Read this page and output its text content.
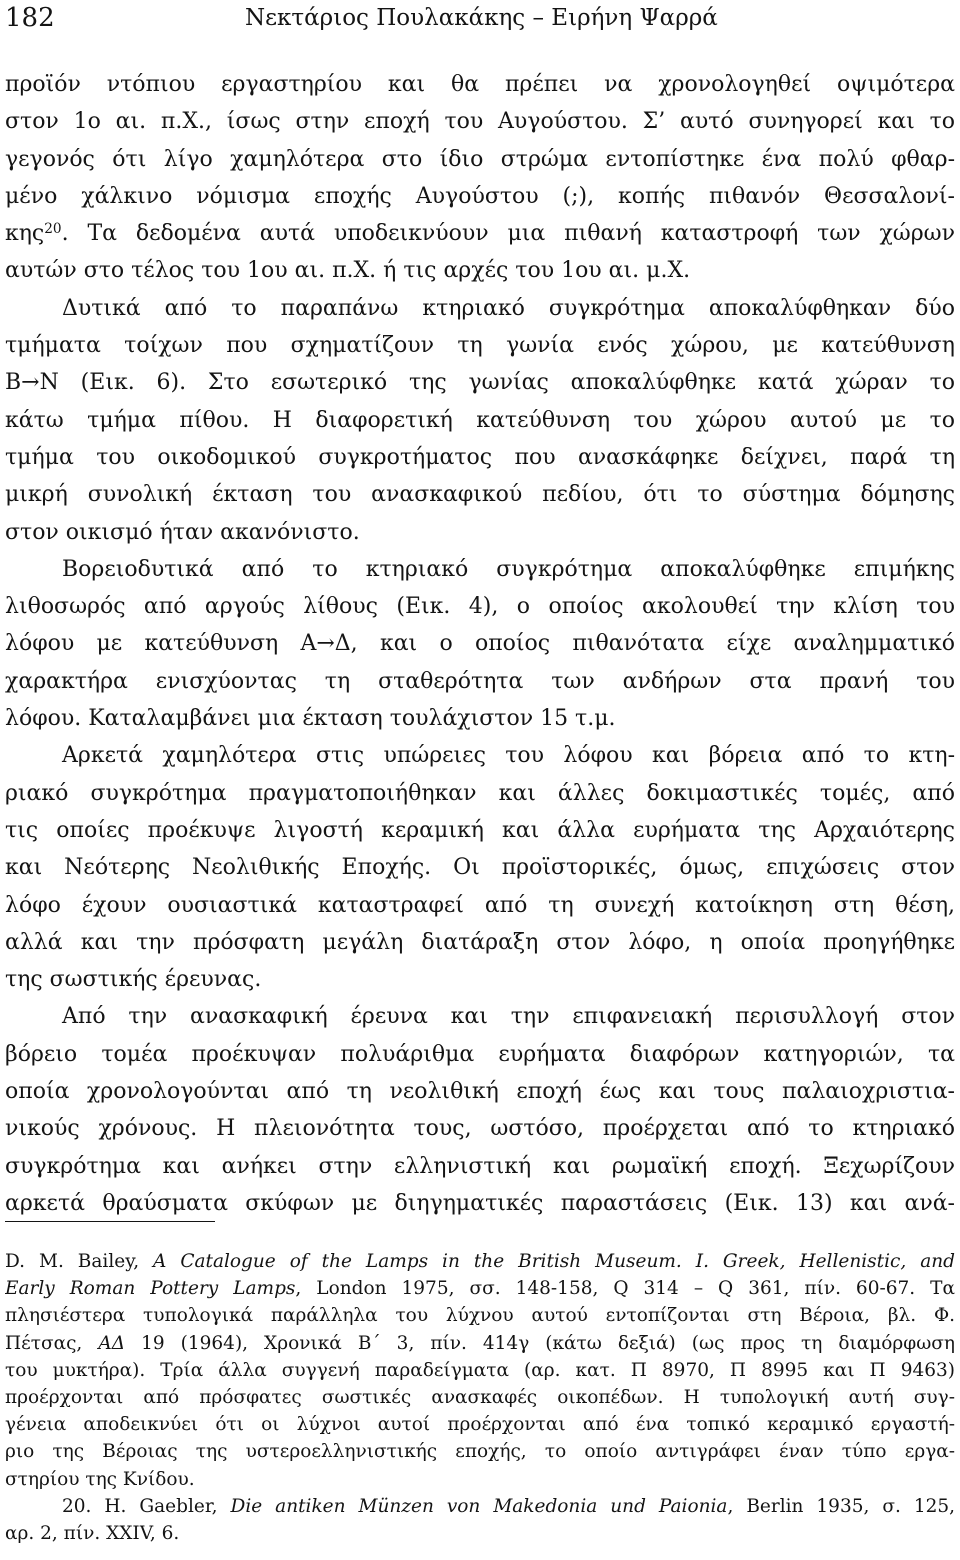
182	Νεκτάριος Πουλακάκης – Ειρήνη Ψαρρά
προϊόν ντόπιου εργαστηρίου και θα πρέπει να χρονολογηθεί οψιμότερα
στον 1ο αι. π.Χ., ίσως στην εποχή του Αυγούστου. Σ’ αυτό συνηγορεί και το
γεγονός ότι λίγο χαμηλότερα στο ίδιο στρώμα εντοπίστηκε ένα πολύ φθαρ-
μένο χάλκινο νόμισμα εποχής Αυγούστου (;), κοπής πιθανόν Θεσσαλονί-
κης$^{20}$. Τα δεδομένα αυτά υποδεικνύουν μια πιθανή καταστροφή των χώρων
αυτών στο τέλος του 1ου αι. π.Χ. ή τις αρχές του 1ου αι. μ.Χ.
Δυτικά από το παραπάνω κτηριακό συγκρότημα αποκαλύφθηκαν δύο
τμήματα τοίχων που σχηματίζουν τη γωνία ενός χώρου, με κατεύθυνση
Β→Ν (Εικ. 6). Στο εσωτερικό της γωνίας αποκαλύφθηκε κατά χώραν το
κάτω τμήμα πίθου. Η διαφορετική κατεύθυνση του χώρου αυτού με το
τμήμα του οικοδομικού συγκροτήματος που ανασκάφηκε δείχνει, παρά τη
μικρή συνολική έκταση του ανασκαφικού πεδίου, ότι το σύστημα δόμησης
στον οικισμό ήταν ακανόνιστο.
Βορειοδυτικά από το κτηριακό συγκρότημα αποκαλύφθηκε επιμήκης
λιθοσωρός από αργούς λίθους (Εικ. 4), ο οποίος ακολουθεί την κλίση του
λόφου με κατεύθυνση Α→Δ, και ο οποίος πιθανότατα είχε αναλημματικό
χαρακτήρα ενισχύοντας τη σταθερότητα των ανδήρων στα πρανή του
λόφου. Καταλαμβάνει μια έκταση τουλάχιστον 15 τ.μ.
Αρκετά χαμηλότερα στις υπώρειες του λόφου και βόρεια από το κτη-
ριακό συγκρότημα πραγματοποιήθηκαν και άλλες δοκιμαστικές τομές, από
τις οποίες προέκυψε λιγοστή κεραμική και άλλα ευρήματα της Αρχαιότερης
και Νεότερης Νεολιθικής Εποχής. Οι προϊστορικές, όμως, επιχώσεις στον
λόφο έχουν ουσιαστικά καταστραφεί από τη συνεχή κατοίκηση στη θέση,
αλλά και την πρόσφατη μεγάλη διατάραξη στον λόφο, η οποία προηγήθηκε
της σωστικής έρευνας.
Από την ανασκαφική έρευνα και την επιφανειακή περισυλλογή στον
βόρειο τομέα προέκυψαν πολυάριθμα ευρήματα διαφόρων κατηγοριών, τα
οποία χρονολογούνται από τη νεολιθική εποχή έως και τους παλαιοχριστια-
νικούς χρόνους. Η πλειονότητα τους, ωστόσο, προέρχεται από το κτηριακό
συγκρότημα και ανήκει στην ελληνιστική και ρωμαϊκή εποχή. Ξεχωρίζουν
αρκετά θραύσματα σκύφων με διηγηματικές παραστάσεις (Εικ. 13) και ανά-
D. M. Bailey, A Catalogue of the Lamps in the British Museum. I. Greek, Hellenistic, and
Early Roman Pottery Lamps, London 1975, σσ. 148-158, Q 314 – Q 361, πίν. 60-67. Τα
πλησιέστερα τυπολογικά παράλληλα του λύχνου αυτού εντοπίζονται στη Βέροια, βλ. Φ.
Πέτσας, ΑΔ 19 (1964), Χρονικά Β΄ 3, πίν. 414γ (κάτω δεξιά) (ως προς τη διαμόρφωση
του μυκτήρα). Τρία άλλα συγγενή παραδείγματα (αρ. κατ. Π 8970, Π 8995 και Π 9463)
προέρχονται από πρόσφατες σωστικές ανασκαφές οικοπέδων. Η τυπολογική αυτή συγ-
γένεια αποδεικνύει ότι οι λύχνοι αυτοί προέρχονται από ένα τοπικό κεραμικό εργαστή-
ριο της Βέροιας της υστεροελληνιστικής εποχής, το οποίο αντιγράφει έναν τύπο εργα-
στηρίου της Κνίδου.
20. H. Gaebler, Die antiken Münzen von Makedonia und Paionia, Berlin 1935, σ. 125,
αρ. 2, πίν. XXIV, 6.
